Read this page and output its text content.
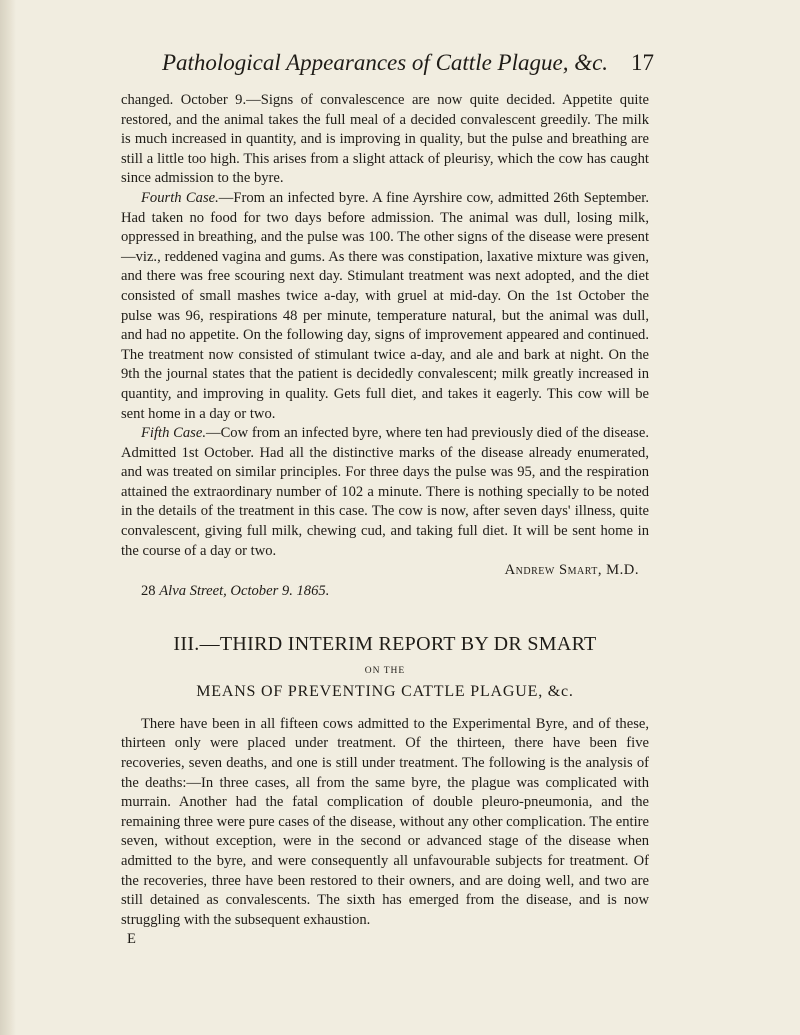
Pathological Appearances of Cattle Plague, &c. 17

changed. October 9.—Signs of convalescence are now quite decided. Appetite quite restored, and the animal takes the full meal of a decided convalescent greedily. The milk is much increased in quantity, and is improving in quality, but the pulse and breathing are still a little too high. This arises from a slight attack of pleurisy, which the cow has caught since admission to the byre.

Fourth Case.—From an infected byre. A fine Ayrshire cow, admitted 26th September. Had taken no food for two days before admission. The animal was dull, losing milk, oppressed in breathing, and the pulse was 100. The other signs of the disease were present—viz., reddened vagina and gums. As there was constipation, laxative mixture was given, and there was free scouring next day. Stimulant treatment was next adopted, and the diet consisted of small mashes twice a-day, with gruel at mid-day. On the 1st October the pulse was 96, respirations 48 per minute, temperature natural, but the animal was dull, and had no appetite. On the following day, signs of improvement appeared and continued. The treatment now consisted of stimulant twice a-day, and ale and bark at night. On the 9th the journal states that the patient is decidedly convalescent; milk greatly increased in quantity, and improving in quality. Gets full diet, and takes it eagerly. This cow will be sent home in a day or two.

Fifth Case.—Cow from an infected byre, where ten had previously died of the disease. Admitted 1st October. Had all the distinctive marks of the disease already enumerated, and was treated on similar principles. For three days the pulse was 95, and the respiration attained the extraordinary number of 102 a minute. There is nothing specially to be noted in the details of the treatment in this case. The cow is now, after seven days' illness, quite convalescent, giving full milk, chewing cud, and taking full diet. It will be sent home in the course of a day or two.

Andrew Smart, M.D.
28 Alva Street, October 9. 1865.
III.—THIRD INTERIM REPORT BY DR SMART
ON THE
MEANS OF PREVENTING CATTLE PLAGUE, &c.

There have been in all fifteen cows admitted to the Experimental Byre, and of these, thirteen only were placed under treatment. Of the thirteen, there have been five recoveries, seven deaths, and one is still under treatment. The following is the analysis of the deaths:—In three cases, all from the same byre, the plague was complicated with murrain. Another had the fatal complication of double pleuro-pneumonia, and the remaining three were pure cases of the disease, without any other complication. The entire seven, without exception, were in the second or advanced stage of the disease when admitted to the byre, and were consequently all unfavourable subjects for treatment. Of the recoveries, three have been restored to their owners, and are doing well, and two are still detained as convalescents. The sixth has emerged from the disease, and is now struggling with the subsequent exhaustion.

E
